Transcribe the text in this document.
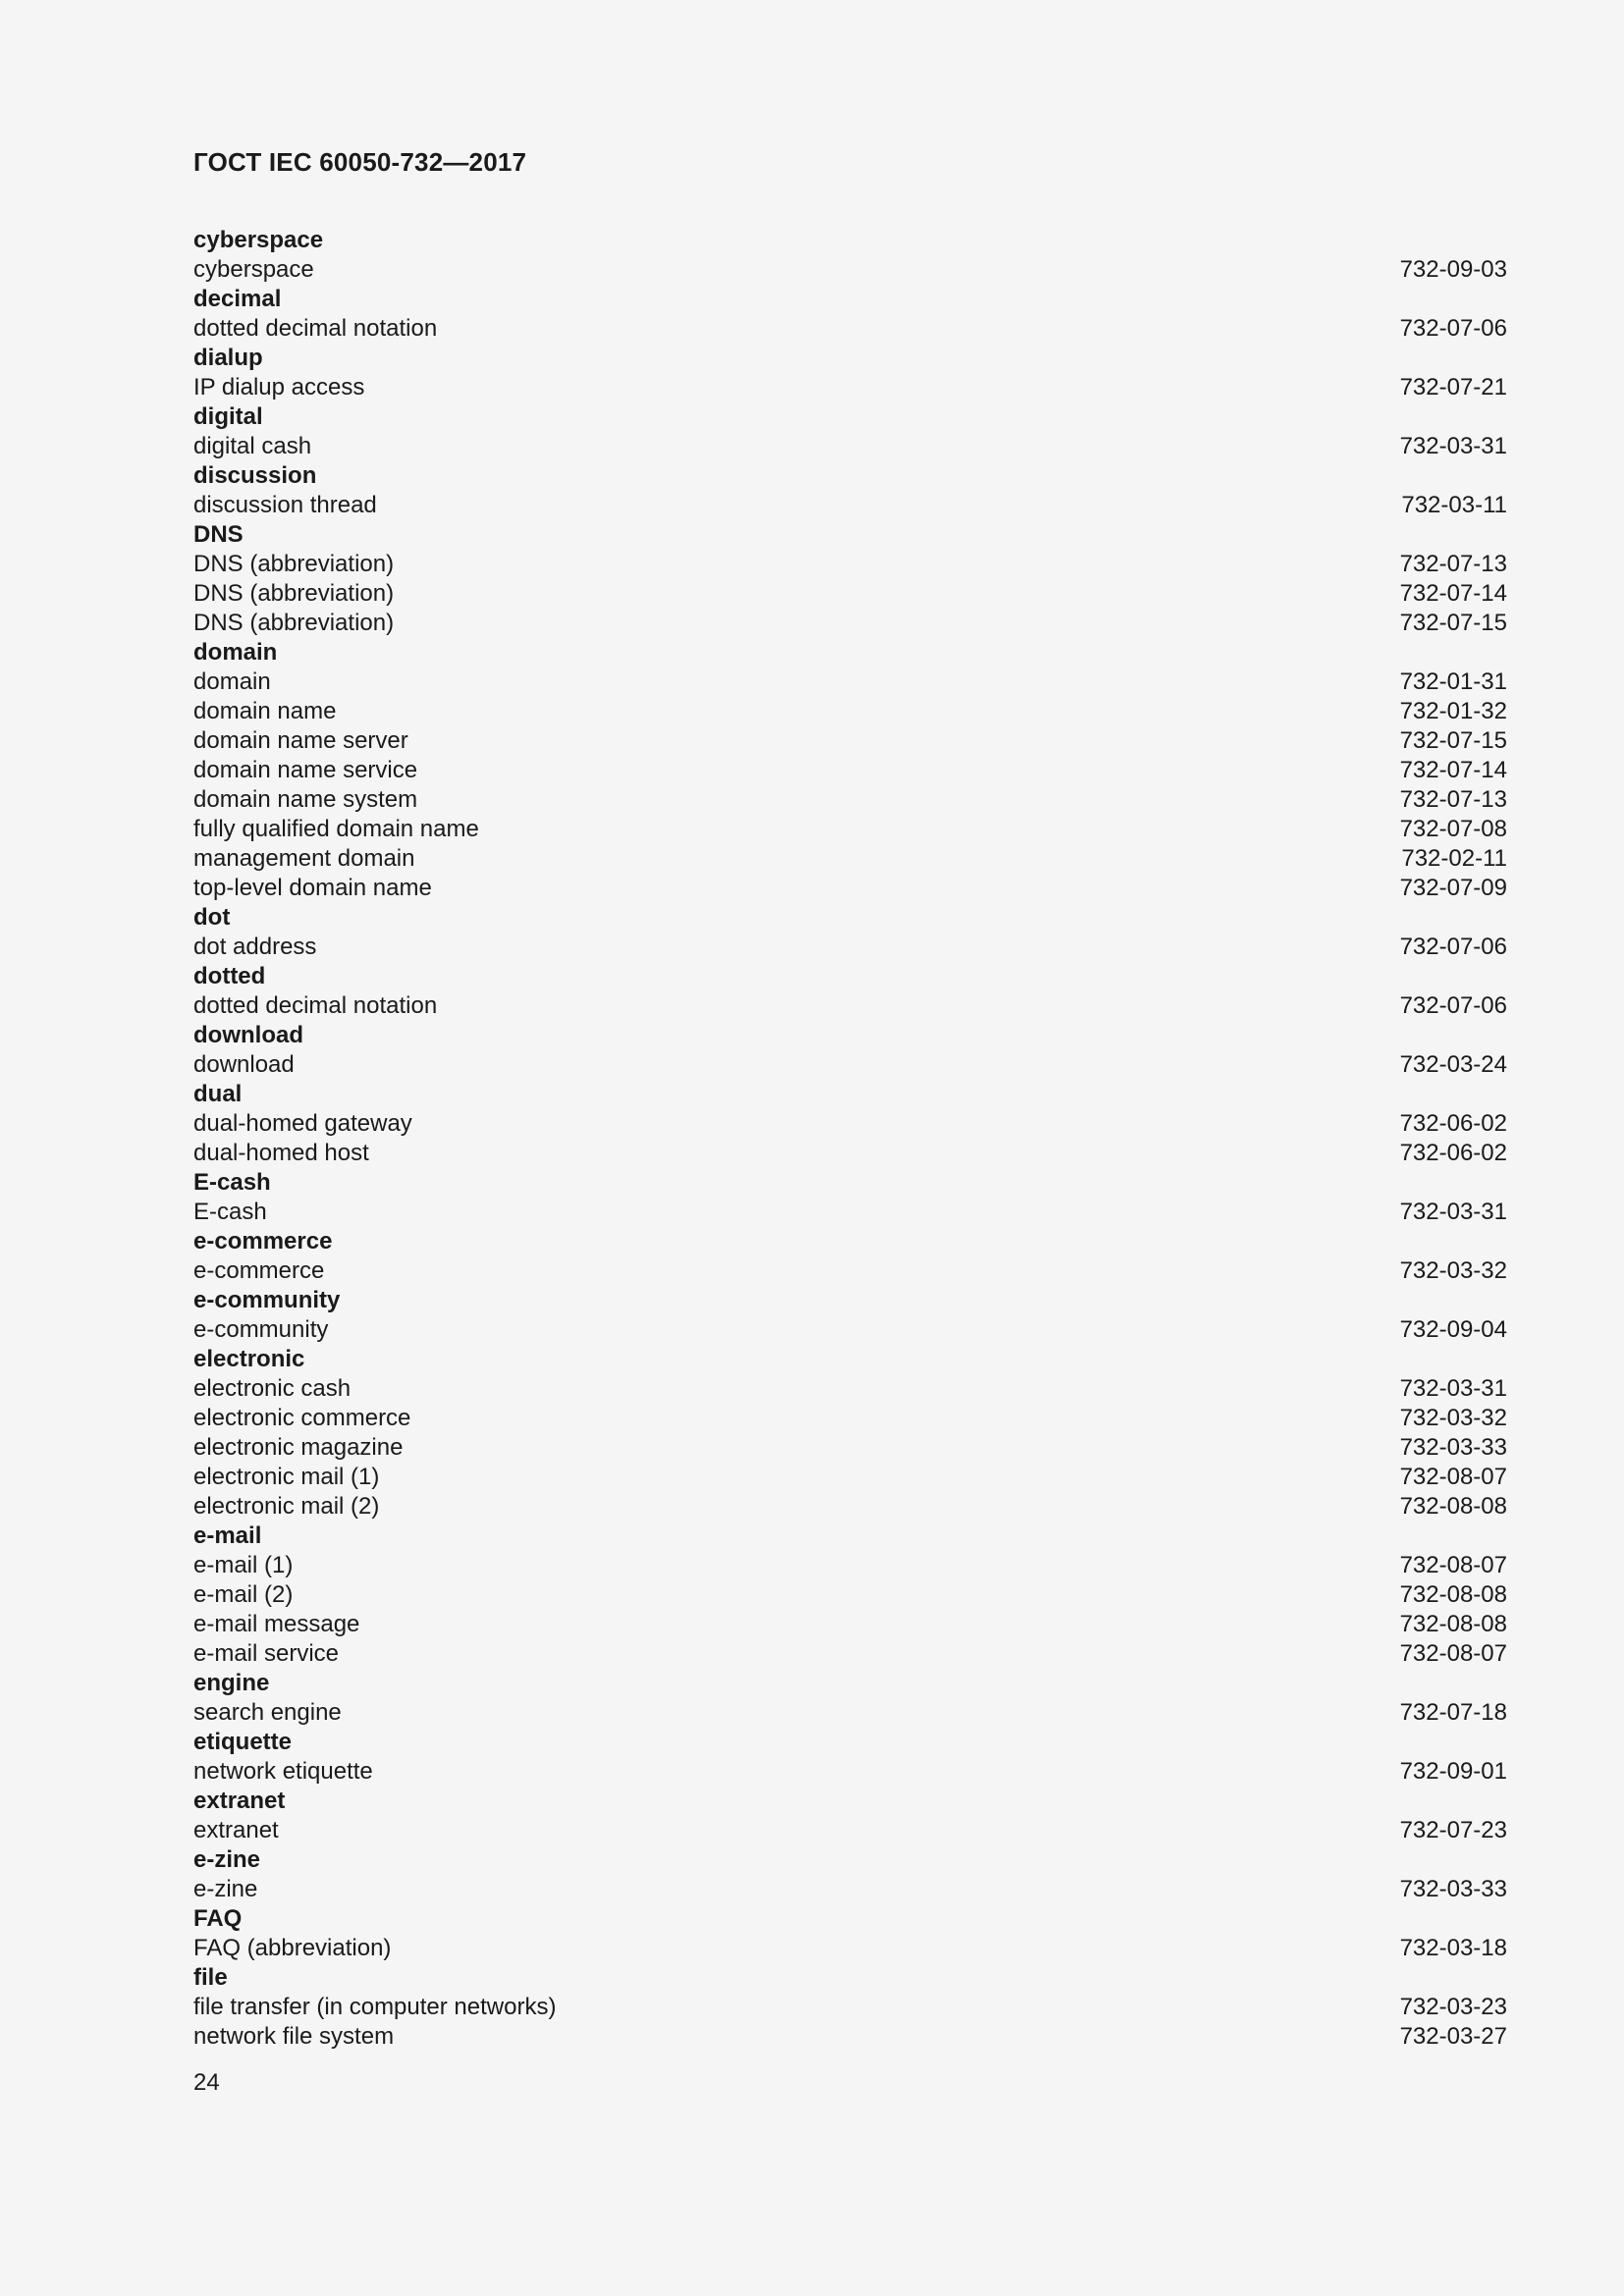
ГОСТ IEC 60050-732—2017
cyberspace
cyberspace	732-09-03
decimal
dotted decimal notation	732-07-06
dialup
IP dialup access	732-07-21
digital
digital cash	732-03-31
discussion
discussion thread	732-03-11
DNS
DNS (abbreviation)	732-07-13
DNS (abbreviation)	732-07-14
DNS (abbreviation)	732-07-15
domain
domain	732-01-31
domain name	732-01-32
domain name server	732-07-15
domain name service	732-07-14
domain name system	732-07-13
fully qualified domain name	732-07-08
management domain	732-02-11
top-level domain name	732-07-09
dot
dot address	732-07-06
dotted
dotted decimal notation	732-07-06
download
download	732-03-24
dual
dual-homed gateway	732-06-02
dual-homed host	732-06-02
E-cash
E-cash	732-03-31
e-commerce
e-commerce	732-03-32
e-community
e-community	732-09-04
electronic
electronic cash	732-03-31
electronic commerce	732-03-32
electronic magazine	732-03-33
electronic mail (1)	732-08-07
electronic mail (2)	732-08-08
e-mail
e-mail (1)	732-08-07
e-mail (2)	732-08-08
e-mail message	732-08-08
e-mail service	732-08-07
engine
search engine	732-07-18
etiquette
network etiquette	732-09-01
extranet
extranet	732-07-23
e-zine
e-zine	732-03-33
FAQ
FAQ (abbreviation)	732-03-18
file
file transfer (in computer networks)	732-03-23
network file system	732-03-27
24
